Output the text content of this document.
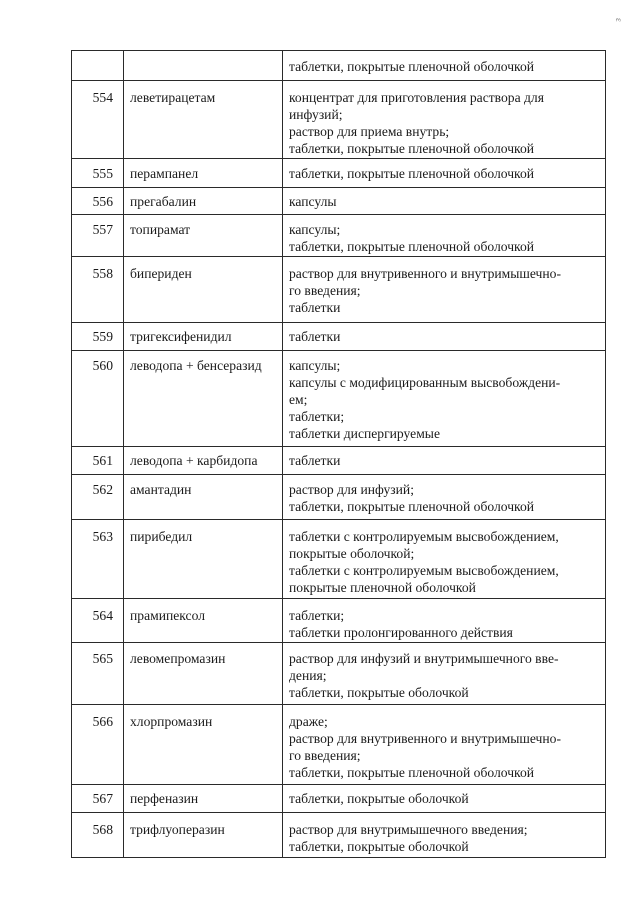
ε

		таблетки, покрытые пленочной оболочкой

554	леветирацетам	концентрат для приготовления раствора для
инфузий;
раствор для приема внутрь;
таблетки, покрытые пленочной оболочкой

555	перампанел	таблетки, покрытые пленочной оболочкой

556	прегабалин	капсулы

557	топирамат	капсулы;
таблетки, покрытые пленочной оболочкой

558	бипериден	раствор для внутривенного и внутримышечно-
го введения;
таблетки

559	тригексифенидил	таблетки

560	леводопа + бенсеразид	капсулы;
капсулы с модифицированным высвобождени-
ем;
таблетки;
таблетки диспергируемые

561	леводопа + карбидопа	таблетки

562	амантадин	раствор для инфузий;
таблетки, покрытые пленочной оболочкой

563	пирибедил	таблетки с контролируемым высвобождением,
покрытые оболочкой;
таблетки с контролируемым высвобождением,
покрытые пленочной оболочкой

564	прамипексол	таблетки;
таблетки пролонгированного действия

565	левомепромазин	раствор для инфузий и внутримышечного вве-
дения;
таблетки, покрытые оболочкой

566	хлорпромазин	драже;
раствор для внутривенного и внутримышечно-
го введения;
таблетки, покрытые пленочной оболочкой

567	перфеназин	таблетки, покрытые оболочкой

568	трифлуоперазин	раствор для внутримышечного введения;
таблетки, покрытые оболочкой
